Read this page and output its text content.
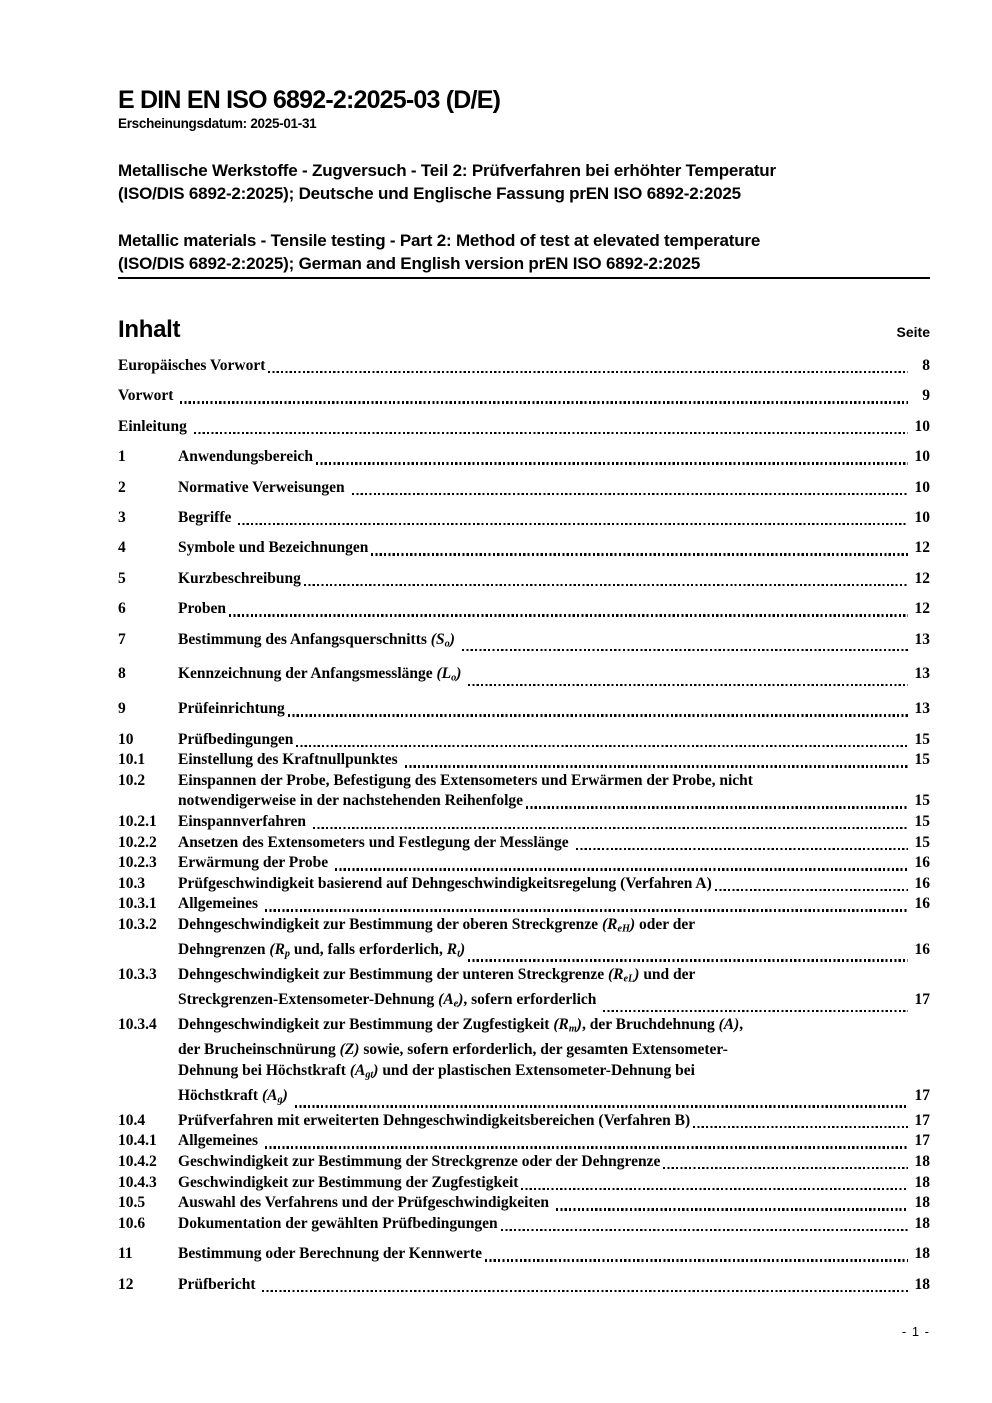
E DIN EN ISO 6892-2:2025-03 (D/E)
Erscheinungsdatum: 2025-01-31
Metallische Werkstoffe - Zugversuch - Teil 2: Prüfverfahren bei erhöhter Temperatur
(ISO/DIS 6892-2:2025); Deutsche und Englische Fassung prEN ISO 6892-2:2025
Metallic materials - Tensile testing - Part 2: Method of test at elevated temperature
(ISO/DIS 6892-2:2025); German and English version prEN ISO 6892-2:2025
Inhalt	Seite
Europäisches Vorwort	8
Vorwort	9
Einleitung	10
1	Anwendungsbereich	10
2	Normative Verweisungen	10
3	Begriffe	10
4	Symbole und Bezeichnungen	12
5	Kurzbeschreibung	12
6	Proben	12
7	Bestimmung des Anfangsquerschnitts $(S_o)$	13
8	Kennzeichnung der Anfangsmesslänge $(L_o)$	13
9	Prüfeinrichtung	13
10	Prüfbedingungen	15
10.1	Einstellung des Kraftnullpunktes	15
10.2	Einspannen der Probe, Befestigung des Extensometers und Erwärmen der Probe, nicht
notwendigerweise in der nachstehenden Reihenfolge	15
10.2.1	Einspannverfahren	15
10.2.2	Ansetzen des Extensometers und Festlegung der Messlänge	15
10.2.3	Erwärmung der Probe	16
10.3	Prüfgeschwindigkeit basierend auf Dehngeschwindigkeitsregelung (Verfahren A)	16
10.3.1	Allgemeines	16
10.3.2	Dehngeschwindigkeit zur Bestimmung der oberen Streckgrenze $(R_{eH})$ oder der
Dehngrenzen ($R_p$ und, falls erforderlich, $R_t$)	16
10.3.3	Dehngeschwindigkeit zur Bestimmung der unteren Streckgrenze $(R_{eL})$ und der
Streckgrenzen-Extensometer-Dehnung $(A_e)$, sofern erforderlich	17
10.3.4	Dehngeschwindigkeit zur Bestimmung der Zugfestigkeit $(R_m)$, der Bruchdehnung (A),
der Brucheinschnürung (Z) sowie, sofern erforderlich, der gesamten Extensometer-
Dehnung bei Höchstkraft $(A_{gt})$ und der plastischen Extensometer-Dehnung bei
Höchstkraft $(A_g)$	17
10.4	Prüfverfahren mit erweiterten Dehngeschwindigkeitsbereichen (Verfahren B)	17
10.4.1	Allgemeines	17
10.4.2	Geschwindigkeit zur Bestimmung der Streckgrenze oder der Dehngrenze	18
10.4.3	Geschwindigkeit zur Bestimmung der Zugfestigkeit	18
10.5	Auswahl des Verfahrens und der Prüfgeschwindigkeiten	18
10.6	Dokumentation der gewählten Prüfbedingungen	18
11	Bestimmung oder Berechnung der Kennwerte	18
12	Prüfbericht	18
- 1 -
